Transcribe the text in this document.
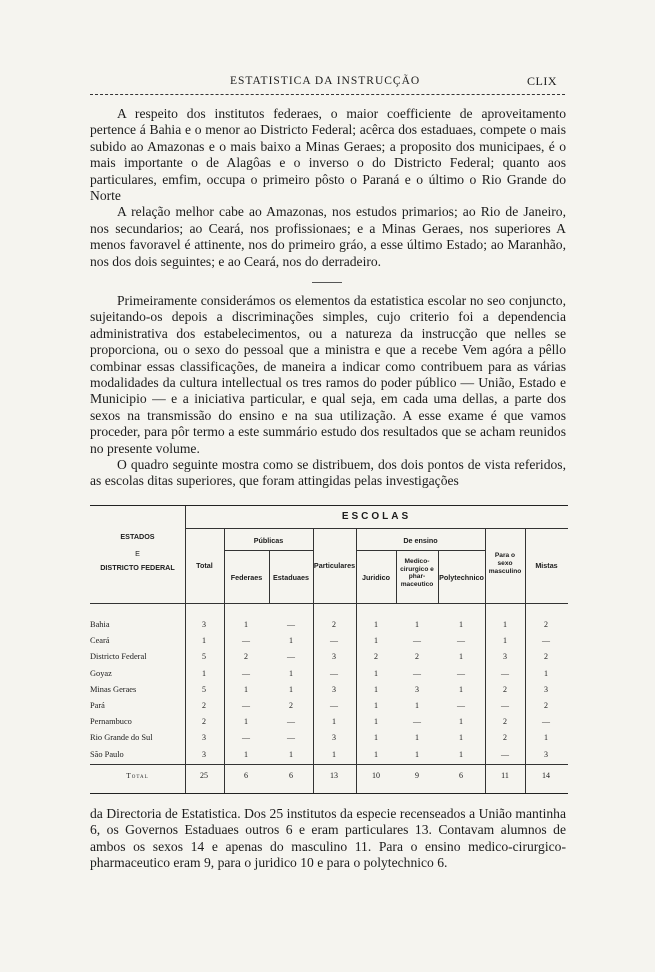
ESTATISTICA DA INSTRUCÇÃO	CLIX

A respeito dos institutos federaes, o maior coefficiente de aproveitamento pertence á Bahia e o menor ao Districto Federal; acêrca dos estaduaes, compete o mais subido ao Amazonas e o mais baixo a Minas Geraes; a proposito dos municipaes, é o mais importante o de Alagôas e o inverso o do Districto Federal; quanto aos particulares, emfim, occupa o primeiro pôsto o Paraná e o último o Rio Grande do Norte

A relação melhor cabe ao Amazonas, nos estudos primarios; ao Rio de Janeiro, nos secundarios; ao Ceará, nos profissionaes; e a Minas Geraes, nos superiores A menos favoravel é attinente, nos do primeiro gráo, a esse último Estado; ao Maranhão, nos dos dois seguintes; e ao Ceará, nos do derradeiro.

Primeiramente considerámos os elementos da estatistica escolar no seo conjuncto, sujeitando-os depois a discriminações simples, cujo criterio foi a dependencia administrativa dos estabelecimentos, ou a natureza da instrucção que nelles se proporciona, ou o sexo do pessoal que a ministra e que a recebe Vem agóra a pêllo combinar essas classificações, de maneira a indicar como contribuem para as várias modalidades da cultura intellectual os tres ramos do poder público — União, Estado e Municipio — e a iniciativa particular, e qual seja, em cada uma dellas, a parte dos sexos na transmissão do ensino e na sua utilização. A esse exame é que vamos proceder, para pôr termo a este summário estudo dos resultados que se acham reunidos no presente volume.

O quadro seguinte mostra como se distribuem, dos dois pontos de vista referidos, as escolas ditas superiores, que foram attingidas pelas investigações

ESCOLAS
ESTADOS
E
DISTRICTO FEDERAL	Total
Públicas
Federaes	Estaduaes
Particulares
De ensino
Juridico
Medico-cirurgico e phar-maceutico
Polytechnico
Para o sexo masculino
Mistas
Bahia	3	1	—	2	1	1	1	1	2
Ceará	1	—	1	—	1	—	—	1	—
Districto Federal	5	2	—	3	2	2	1	3	2
Goyaz	1	—	1	—	1	—	—	—	1
Minas Geraes	5	1	1	3	1	3	1	2	3
Pará	2	—	2	—	1	1	—	—	2
Pernambuco	2	1	—	1	1	—	1	2	—
Rio Grande do Sul	3	—	—	3	1	1	1	2	1
São Paulo	3	1	1	1	1	1	1	—	3
Total	25	6	6	13	10	9	6	11	14

da Directoria de Estatistica. Dos 25 institutos da especie recenseados a União mantinha 6, os Governos Estaduaes outros 6 e eram particulares 13. Contavam alumnos de ambos os sexos 14 e apenas do masculino 11. Para o ensino medico-cirurgico-pharmaceutico eram 9, para o juridico 10 e para o polytechnico 6.
